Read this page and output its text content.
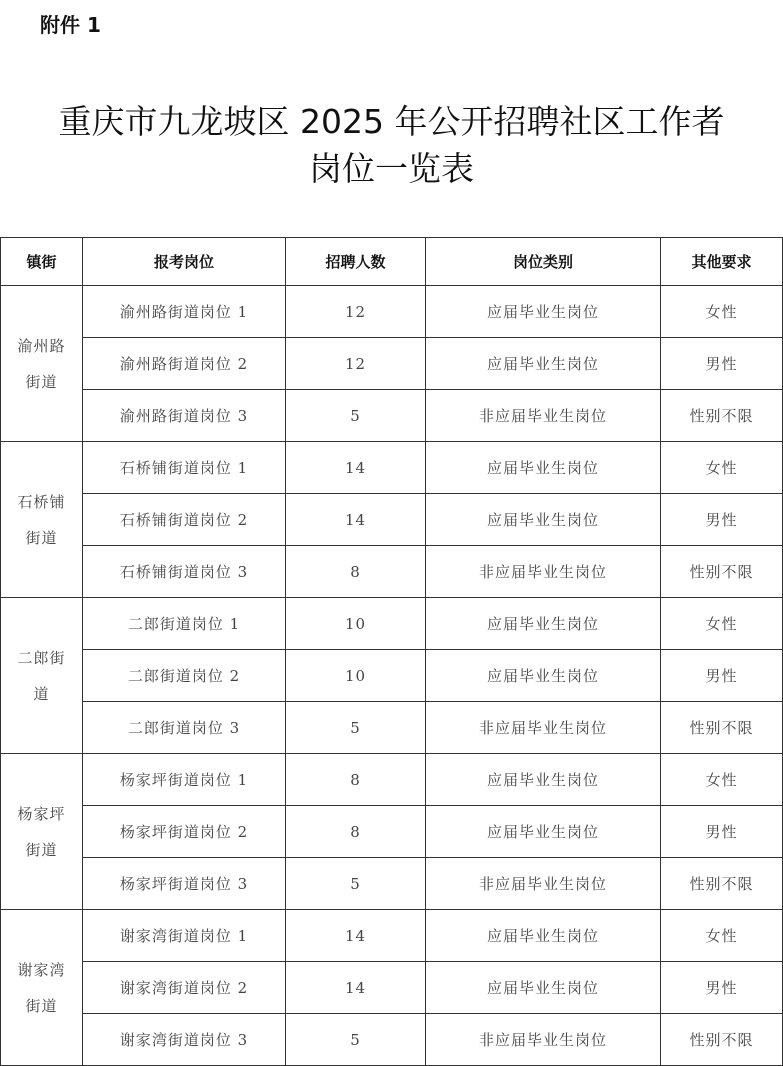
附件 1
重庆市九龙坡区 2025 年公开招聘社区工作者
岗位一览表
镇街	报考岗位	招聘人数	岗位类别	其他要求

渝州路
街道	渝州路街道岗位 1	12	应届毕业生岗位	女性
	渝州路街道岗位 2	12	应届毕业生岗位	男性
	渝州路街道岗位 3	5	非应届毕业生岗位	性别不限

石桥铺
街道	石桥铺街道岗位 1	14	应届毕业生岗位	女性
	石桥铺街道岗位 2	14	应届毕业生岗位	男性
	石桥铺街道岗位 3	8	非应届毕业生岗位	性别不限

二郎街
道	二郎街道岗位 1	10	应届毕业生岗位	女性
	二郎街道岗位 2	10	应届毕业生岗位	男性
	二郎街道岗位 3	5	非应届毕业生岗位	性别不限

杨家坪
街道	杨家坪街道岗位 1	8	应届毕业生岗位	女性
	杨家坪街道岗位 2	8	应届毕业生岗位	男性
	杨家坪街道岗位 3	5	非应届毕业生岗位	性别不限

谢家湾
街道	谢家湾街道岗位 1	14	应届毕业生岗位	女性
	谢家湾街道岗位 2	14	应届毕业生岗位	男性
	谢家湾街道岗位 3	5	非应届毕业生岗位	性别不限
